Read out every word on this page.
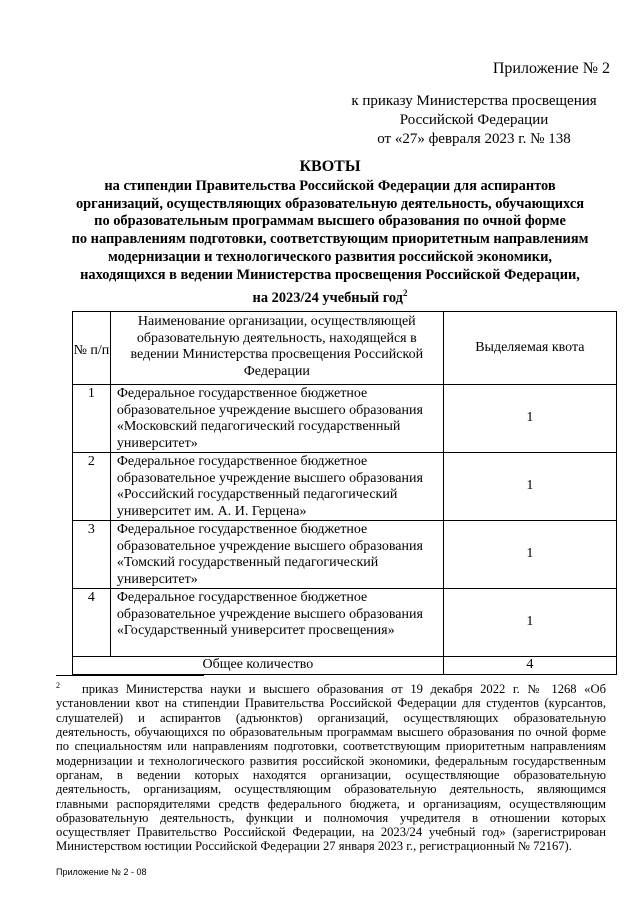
Приложение № 2
к приказу Министерства просвещения
Российской Федерации
от «27» февраля 2023 г. № 138
КВОТЫ
на стипендии Правительства Российской Федерации для аспирантов
организаций, осуществляющих образовательную деятельность, обучающихся
по образовательным программам высшего образования по очной форме
по направлениям подготовки, соответствующим приоритетным направлениям
модернизации и технологического развития российской экономики,
находящихся в ведении Министерства просвещения Российской Федерации,
на 2023/24 учебный год$^2$
№ п/п	Наименование организации, осуществляющей образовательную деятельность, находящейся в ведении Министерства просвещения Российской Федерации	Выделяемая квота
1	Федеральное государственное бюджетное образовательное учреждение высшего образования «Московский педагогический государственный университет»	1
2	Федеральное государственное бюджетное образовательное учреждение высшего образования «Российский государственный педагогический университет им. А. И. Герцена»	1
3	Федеральное государственное бюджетное образовательное учреждение высшего образования «Томский государственный педагогический университет»	1
4	Федеральное государственное бюджетное образовательное учреждение высшего образования «Государственный университет просвещения»	1
Общее количество		4
$^2$ приказ Министерства науки и высшего образования от 19 декабря 2022 г. № 1268 «Об установлении квот на стипендии Правительства Российской Федерации для студентов (курсантов, слушателей) и аспирантов (адъюнктов) организаций, осуществляющих образовательную деятельность, обучающихся по образовательным программам высшего образования по очной форме по специальностям или направлениям подготовки, соответствующим приоритетным направлениям модернизации и технологического развития российской экономики, федеральным государственным органам, в ведении которых находятся организации, осуществляющие образовательную деятельность, организациям, осуществляющим образовательную деятельность, являющимся главными распорядителями средств федерального бюджета, и организациям, осуществляющим образовательную деятельность, функции и полномочия учредителя в отношении которых осуществляет Правительство Российской Федерации, на 2023/24 учебный год» (зарегистрирован Министерством юстиции Российской Федерации 27 января 2023 г., регистрационный № 72167).
Приложение № 2 - 08
